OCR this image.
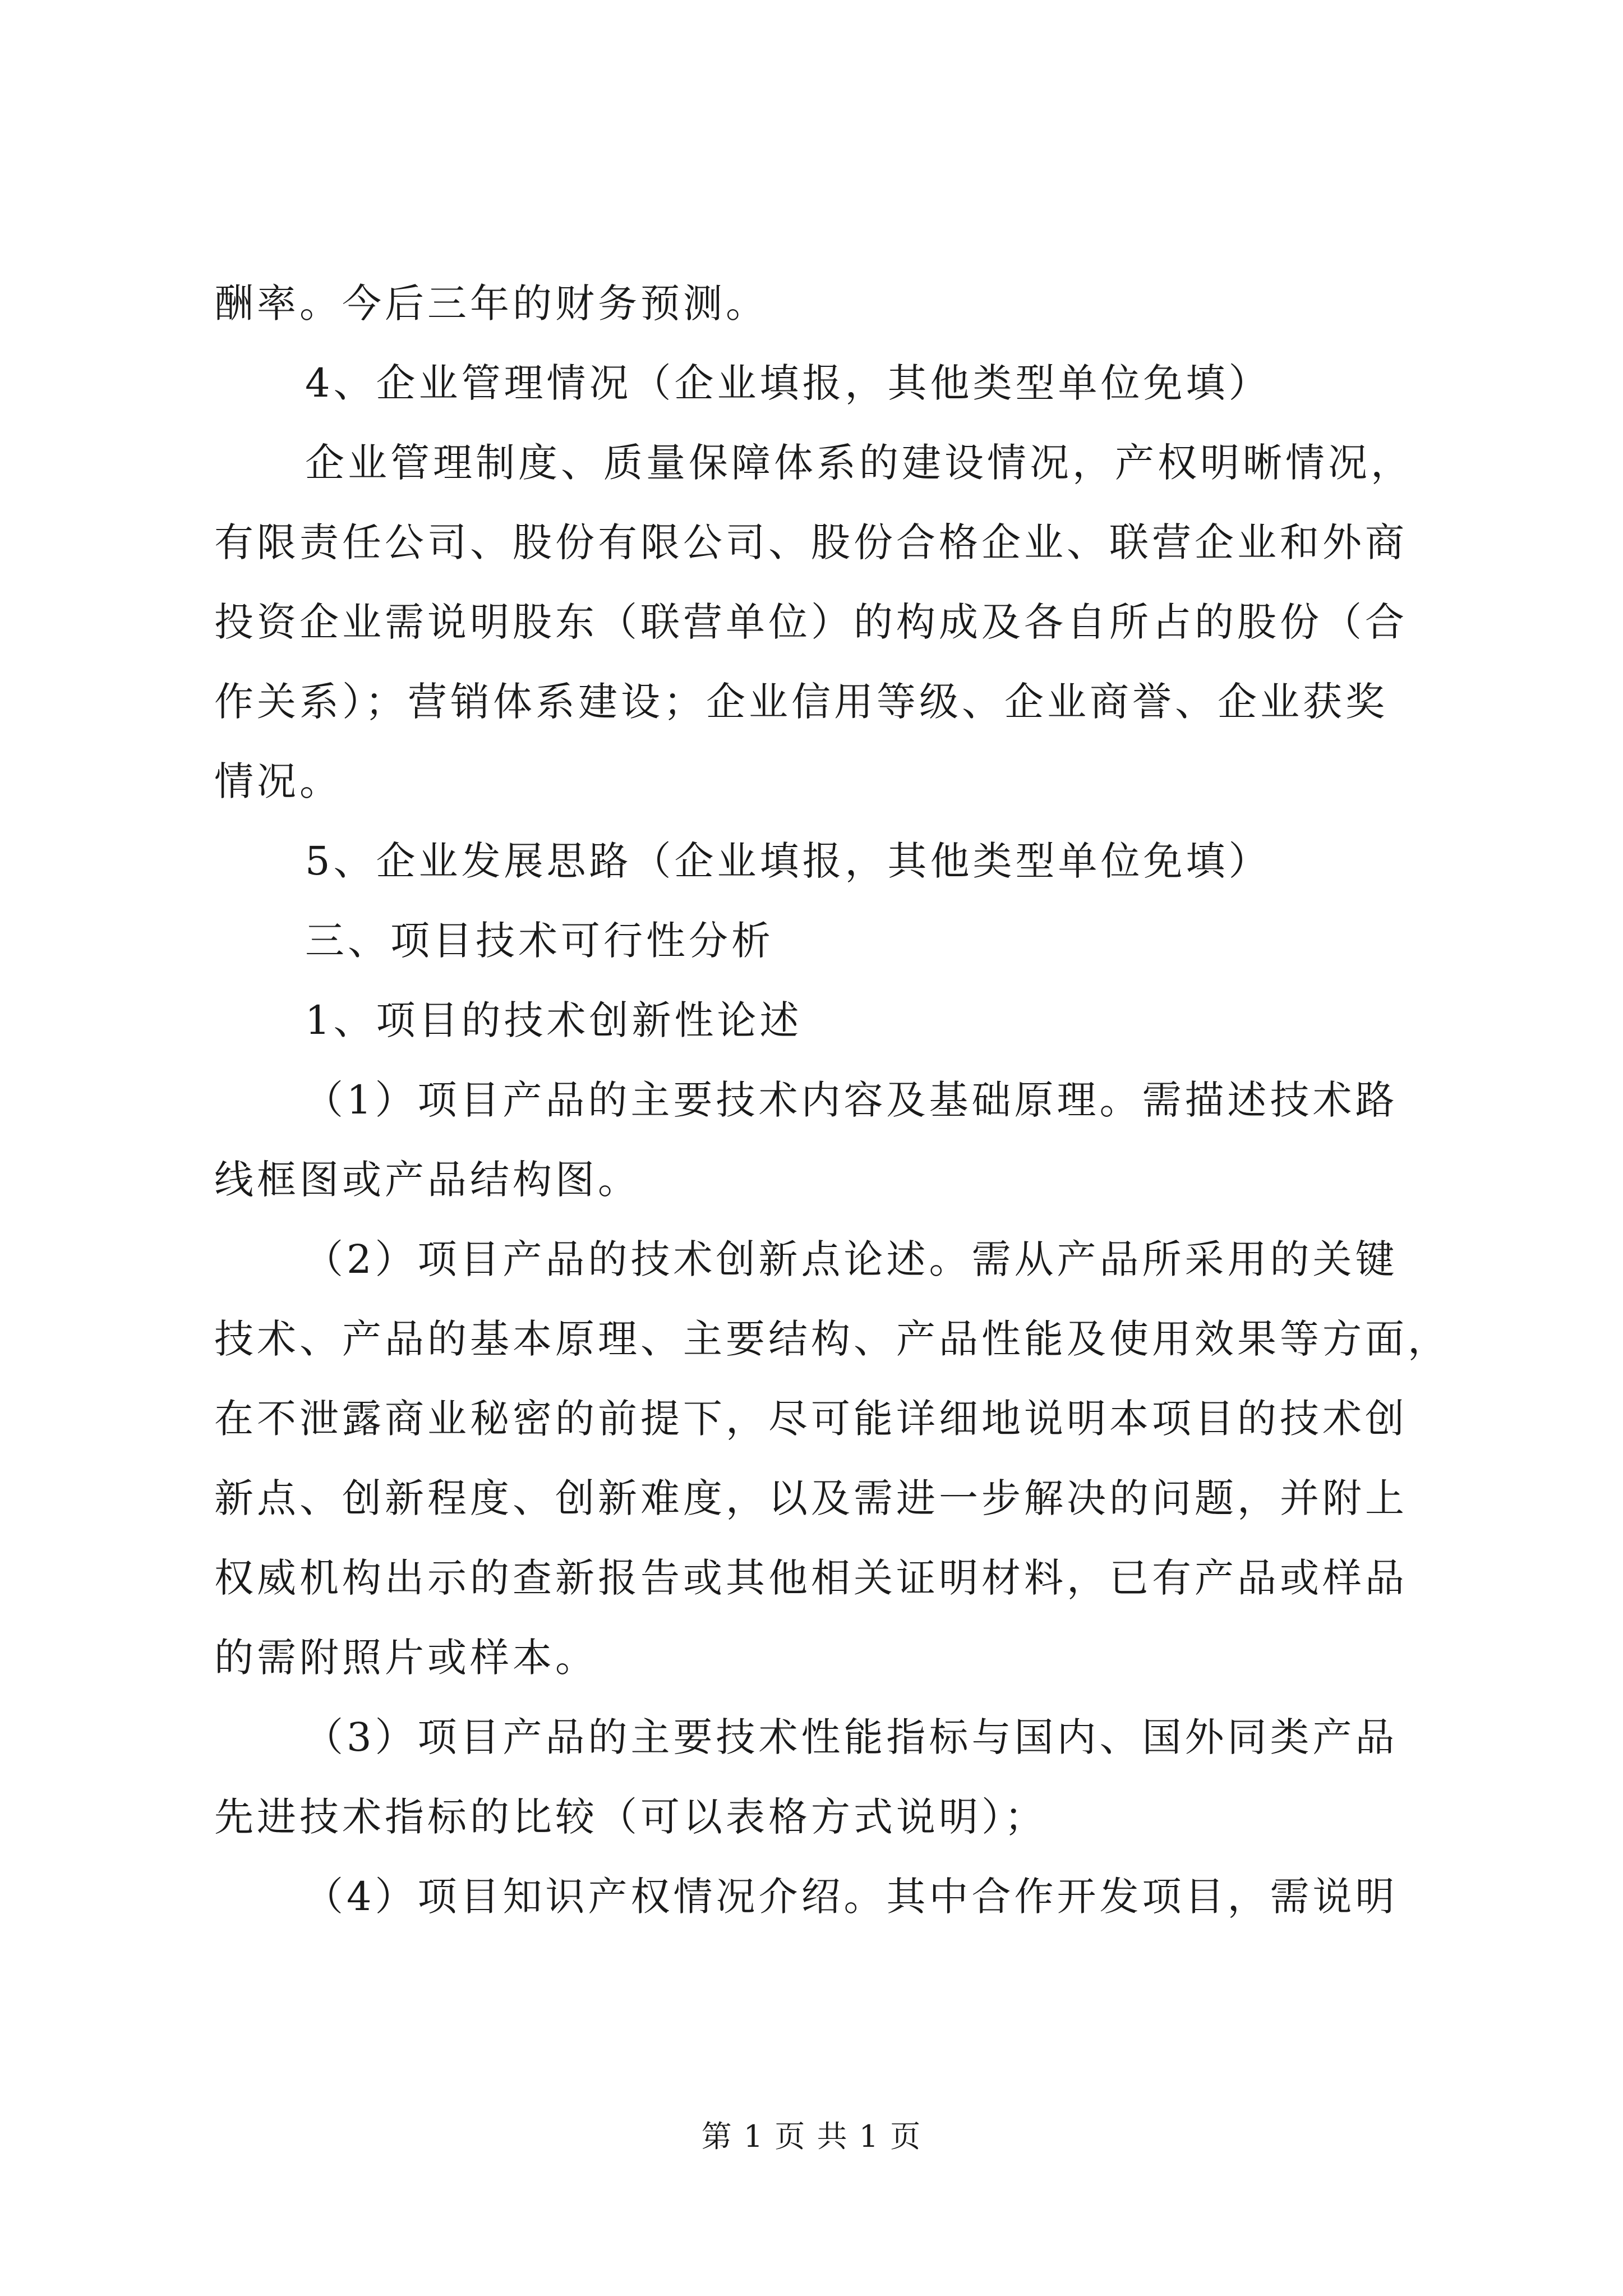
酬率。今后三年的财务预测。
4、企业管理情况（企业填报，其他类型单位免填）
企业管理制度、质量保障体系的建设情况，产权明晰情况，
有限责任公司、股份有限公司、股份合格企业、联营企业和外商
投资企业需说明股东（联营单位）的构成及各自所占的股份（合
作关系）；营销体系建设；企业信用等级、企业商誉、企业获奖
情况。
5、企业发展思路（企业填报，其他类型单位免填）
三、项目技术可行性分析
1、项目的技术创新性论述
（1）项目产品的主要技术内容及基础原理。需描述技术路
线框图或产品结构图。
（2）项目产品的技术创新点论述。需从产品所采用的关键
技术、产品的基本原理、主要结构、产品性能及使用效果等方面，
在不泄露商业秘密的前提下，尽可能详细地说明本项目的技术创
新点、创新程度、创新难度，以及需进一步解决的问题，并附上
权威机构出示的查新报告或其他相关证明材料，已有产品或样品
的需附照片或样本。
（3）项目产品的主要技术性能指标与国内、国外同类产品
先进技术指标的比较（可以表格方式说明）；
（4）项目知识产权情况介绍。其中合作开发项目，需说明
第 1 页 共 1 页
